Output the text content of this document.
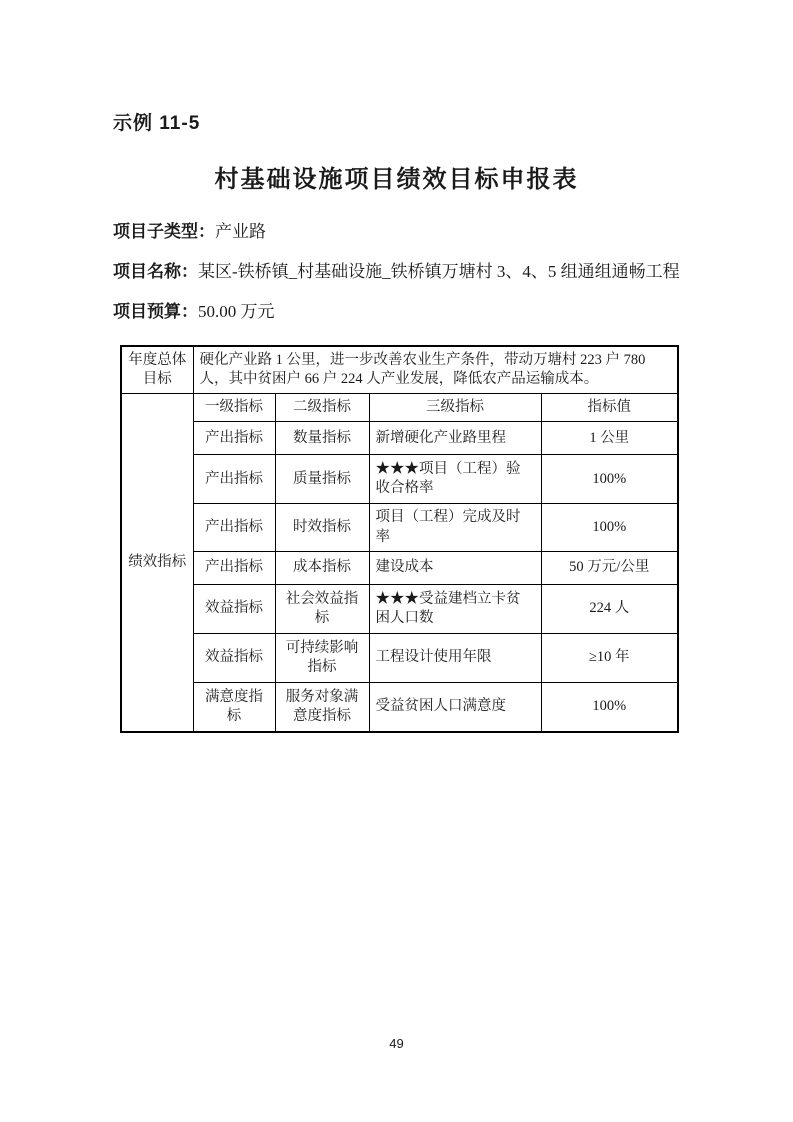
示例 11-5
村基础设施项目绩效目标申报表

项目子类型：产业路

项目名称：某区-铁桥镇_村基础设施_铁桥镇万塘村 3、4、5 组通组通畅工程

项目预算：50.00 万元

年度总体目标	硬化产业路 1 公里，进一步改善农业生产条件，带动万塘村 223 户 780 人，其中贫困户 66 户 224 人产业发展，降低农产品运输成本。			
绩效指标	一级指标	二级指标	三级指标	指标值
	产出指标	数量指标	新增硬化产业路里程	1 公里
	产出指标	质量指标	★★★项目（工程）验收合格率	100%
	产出指标	时效指标	项目（工程）完成及时率	100%
	产出指标	成本指标	建设成本	50 万元/公里
	效益指标	社会效益指标	★★★受益建档立卡贫困人口数	224 人
	效益指标	可持续影响指标	工程设计使用年限	≥10 年
	满意度指标	服务对象满意度指标	受益贫困人口满意度	100%
49
